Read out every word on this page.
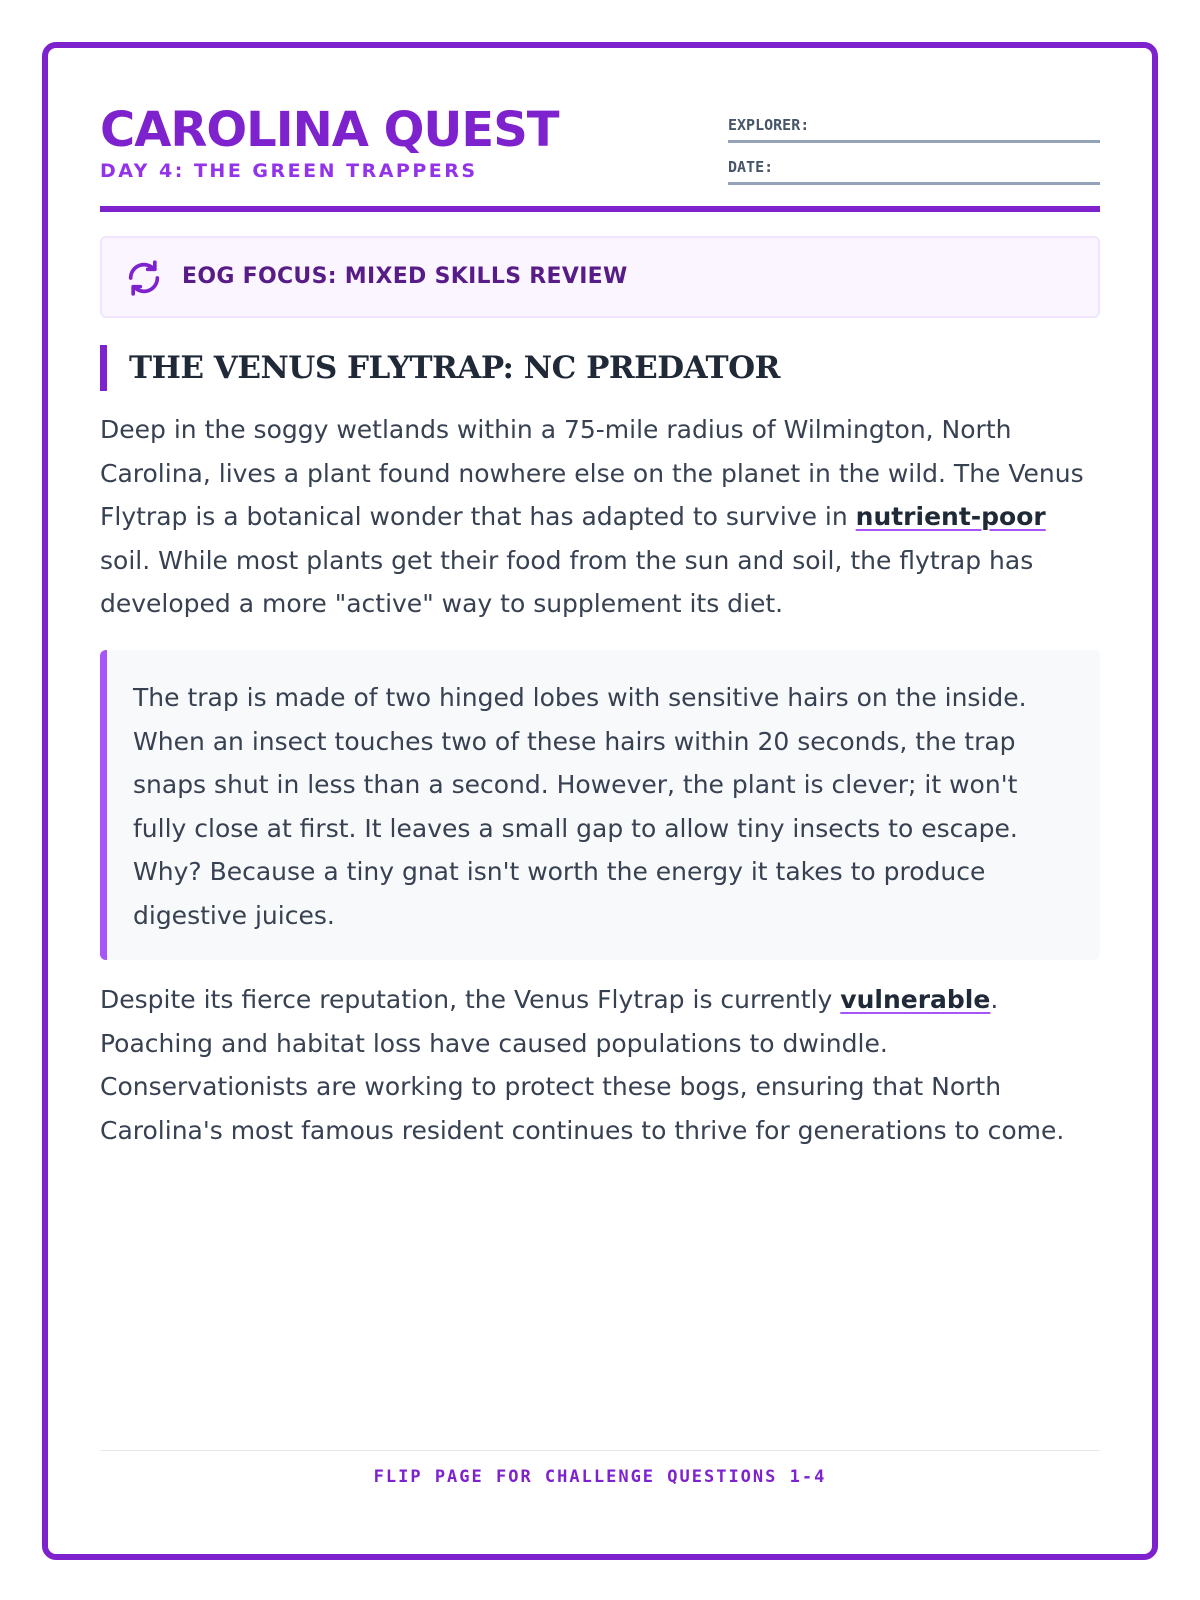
CAROLINA QUEST
DAY 4: THE GREEN TRAPPERS
EXPLORER:
DATE:
EOG FOCUS: MIXED SKILLS REVIEW
THE VENUS FLYTRAP: NC PREDATOR

Deep in the soggy wetlands within a 75-mile radius of Wilmington, North Carolina, lives a plant found nowhere else on the planet in the wild. The Venus Flytrap is a botanical wonder that has adapted to survive in nutrient-poor soil. While most plants get their food from the sun and soil, the flytrap has developed a more "active" way to supplement its diet.

The trap is made of two hinged lobes with sensitive hairs on the inside. When an insect touches two of these hairs within 20 seconds, the trap snaps shut in less than a second. However, the plant is clever; it won't fully close at first. It leaves a small gap to allow tiny insects to escape. Why? Because a tiny gnat isn't worth the energy it takes to produce digestive juices.

Despite its fierce reputation, the Venus Flytrap is currently vulnerable. Poaching and habitat loss have caused populations to dwindle. Conservationists are working to protect these bogs, ensuring that North Carolina's most famous resident continues to thrive for generations to come.

FLIP PAGE FOR CHALLENGE QUESTIONS 1-4
